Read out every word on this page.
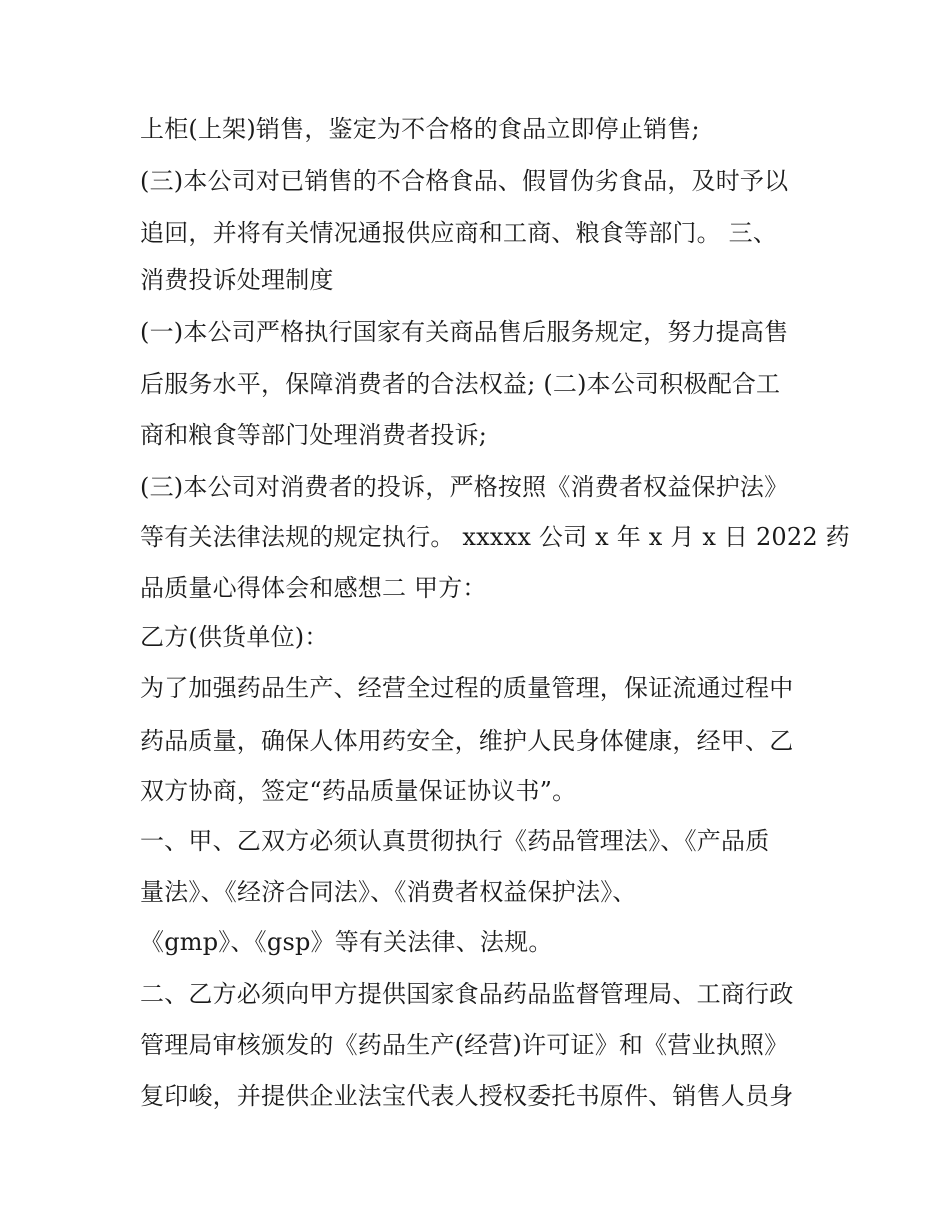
上柜(上架)销售，鉴定为不合格的食品立即停止销售;
(三)本公司对已销售的不合格食品、假冒伪劣食品，及时予以
追回，并将有关情况通报供应商和工商、粮食等部门。 三、
消费投诉处理制度
(一)本公司严格执行国家有关商品售后服务规定，努力提高售
后服务水平，保障消费者的合法权益; (二)本公司积极配合工
商和粮食等部门处理消费者投诉;
(三)本公司对消费者的投诉，严格按照《消费者权益保护法》
等有关法律法规的规定执行。 xxxxx 公司 x 年 x 月 x 日 2022 药
品质量心得体会和感想二 甲方：
乙方(供货单位)：
为了加强药品生产、经营全过程的质量管理，保证流通过程中
药品质量，确保人体用药安全，维护人民身体健康，经甲、乙
双方协商，签定“药品质量保证协议书”。
一、甲、乙双方必须认真贯彻执行《药品管理法》、《产品质
量法》、《经济合同法》、《消费者权益保护法》、
《gmp》、《gsp》等有关法律、法规。
二、乙方必须向甲方提供国家食品药品监督管理局、工商行政
管理局审核颁发的《药品生产(经营)许可证》和《营业执照》
复印峻，并提供企业法宝代表人授权委托书原件、销售人员身
